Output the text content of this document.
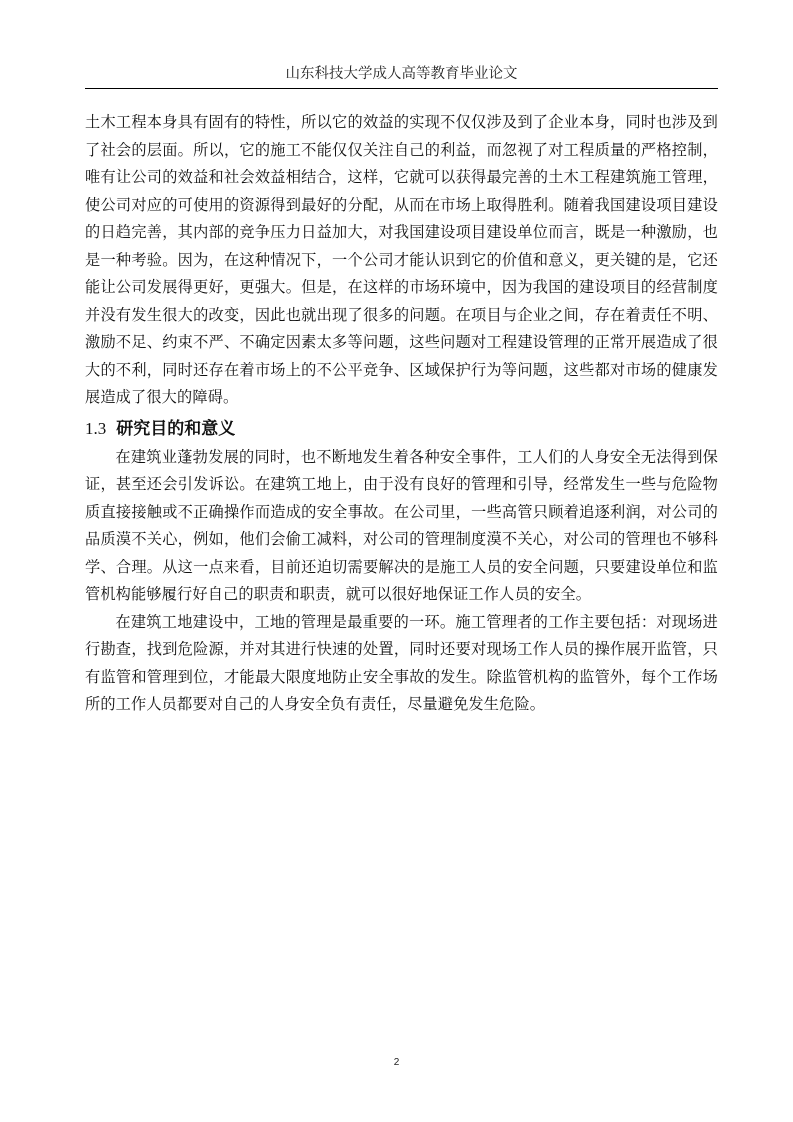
山东科技大学成人高等教育毕业论文

土木工程本身具有固有的特性，所以它的效益的实现不仅仅涉及到了企业本身，同时也涉及到了社会的层面。所以，它的施工不能仅仅关注自己的利益，而忽视了对工程质量的严格控制，唯有让公司的效益和社会效益相结合，这样，它就可以获得最完善的土木工程建筑施工管理，使公司对应的可使用的资源得到最好的分配，从而在市场上取得胜利。随着我国建设项目建设的日趋完善，其内部的竞争压力日益加大，对我国建设项目建设单位而言，既是一种激励，也是一种考验。因为，在这种情况下，一个公司才能认识到它的价值和意义，更关键的是，它还能让公司发展得更好，更强大。但是，在这样的市场环境中，因为我国的建设项目的经营制度并没有发生很大的改变，因此也就出现了很多的问题。在项目与企业之间，存在着责任不明、激励不足、约束不严、不确定因素太多等问题，这些问题对工程建设管理的正常开展造成了很大的不利，同时还存在着市场上的不公平竞争、区域保护行为等问题，这些都对市场的健康发展造成了很大的障碍。

1.3 研究目的和意义

在建筑业蓬勃发展的同时，也不断地发生着各种安全事件，工人们的人身安全无法得到保证，甚至还会引发诉讼。在建筑工地上，由于没有良好的管理和引导，经常发生一些与危险物质直接接触或不正确操作而造成的安全事故。在公司里，一些高管只顾着追逐利润，对公司的品质漠不关心，例如，他们会偷工减料，对公司的管理制度漠不关心，对公司的管理也不够科学、合理。从这一点来看，目前还迫切需要解决的是施工人员的安全问题，只要建设单位和监管机构能够履行好自己的职责和职责，就可以很好地保证工作人员的安全。

在建筑工地建设中，工地的管理是最重要的一环。施工管理者的工作主要包括：对现场进行勘查，找到危险源，并对其进行快速的处置，同时还要对现场工作人员的操作展开监管，只有监管和管理到位，才能最大限度地防止安全事故的发生。除监管机构的监管外，每个工作场所的工作人员都要对自己的人身安全负有责任，尽量避免发生危险。

2
